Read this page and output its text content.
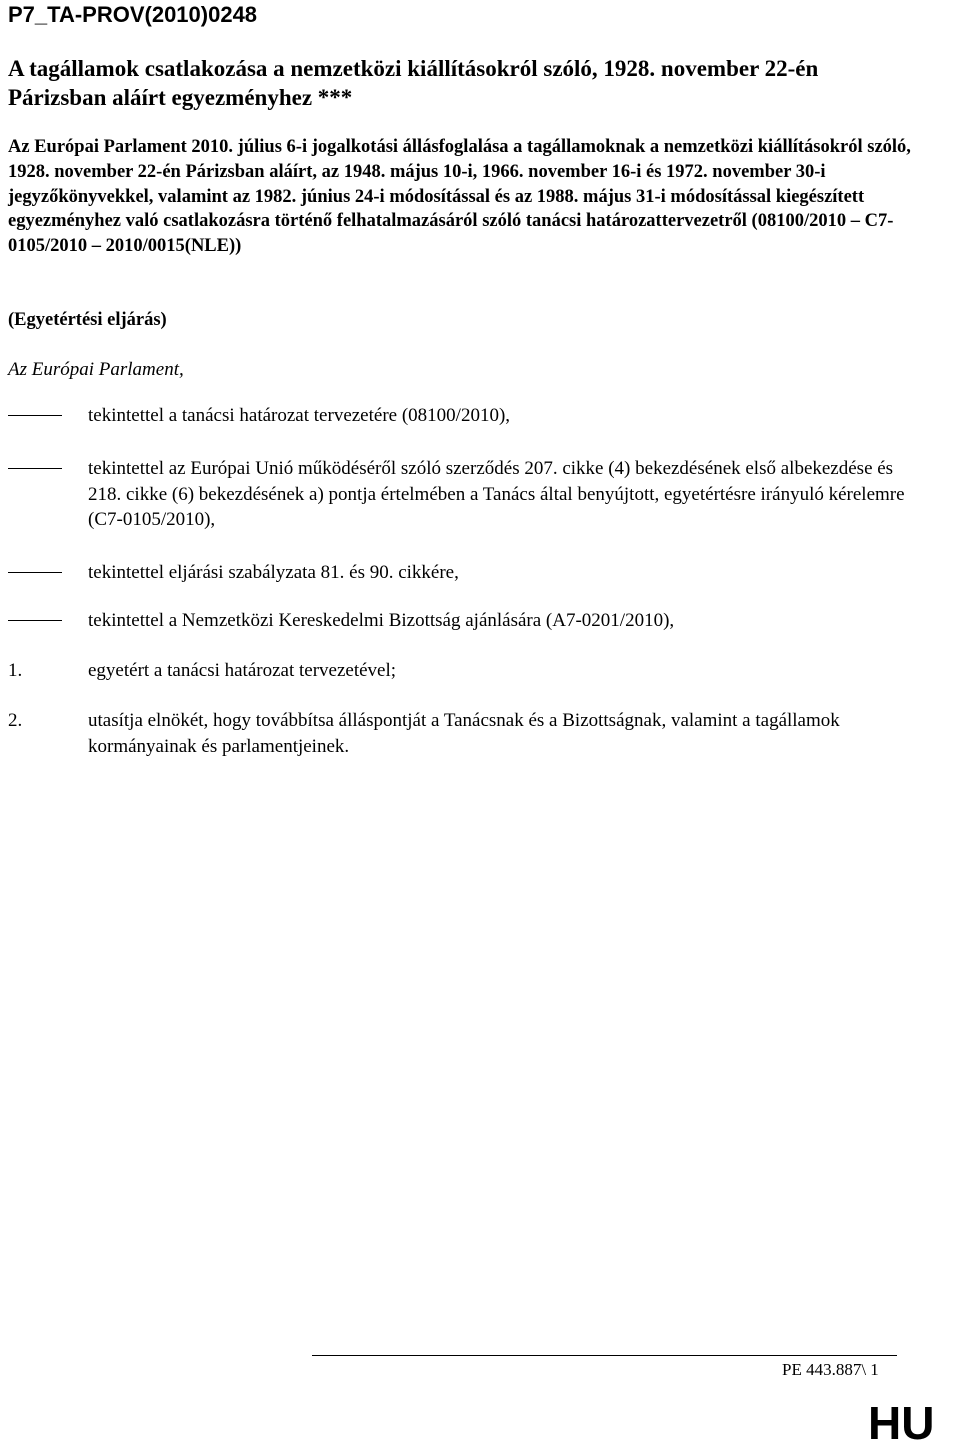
P7_TA-PROV(2010)0248
A tagállamok csatlakozása a nemzetközi kiállításokról szóló, 1928. november 22-én Párizsban aláírt egyezményhez ***
Az Európai Parlament 2010. július 6-i jogalkotási állásfoglalása a tagállamoknak a nemzetközi kiállításokról szóló, 1928. november 22-én Párizsban aláírt, az 1948. május 10-i, 1966. november 16-i és 1972. november 30-i jegyzőkönyvekkel, valamint az 1982. június 24-i módosítással és az 1988. május 31-i módosítással kiegészített egyezményhez való csatlakozásra történő felhatalmazásáról szóló tanácsi határozattervezetről (08100/2010 – C7-0105/2010 – 2010/0015(NLE))
(Egyetértési eljárás)
Az Európai Parlament,
tekintettel a tanácsi határozat tervezetére (08100/2010),
tekintettel az Európai Unió működéséről szóló szerződés 207. cikke (4) bekezdésének első albekezdése és 218. cikke (6) bekezdésének a) pontja értelmében a Tanács által benyújtott, egyetértésre irányuló kérelemre (C7-0105/2010),
tekintettel eljárási szabályzata 81. és 90. cikkére,
tekintettel a Nemzetközi Kereskedelmi Bizottság ajánlására (A7-0201/2010),
1.	egyetért a tanácsi határozat tervezetével;
2.	utasítja elnökét, hogy továbbítsa álláspontját a Tanácsnak és a Bizottságnak, valamint a tagállamok kormányainak és parlamentjeinek.
PE 443.887\ 1
HU
